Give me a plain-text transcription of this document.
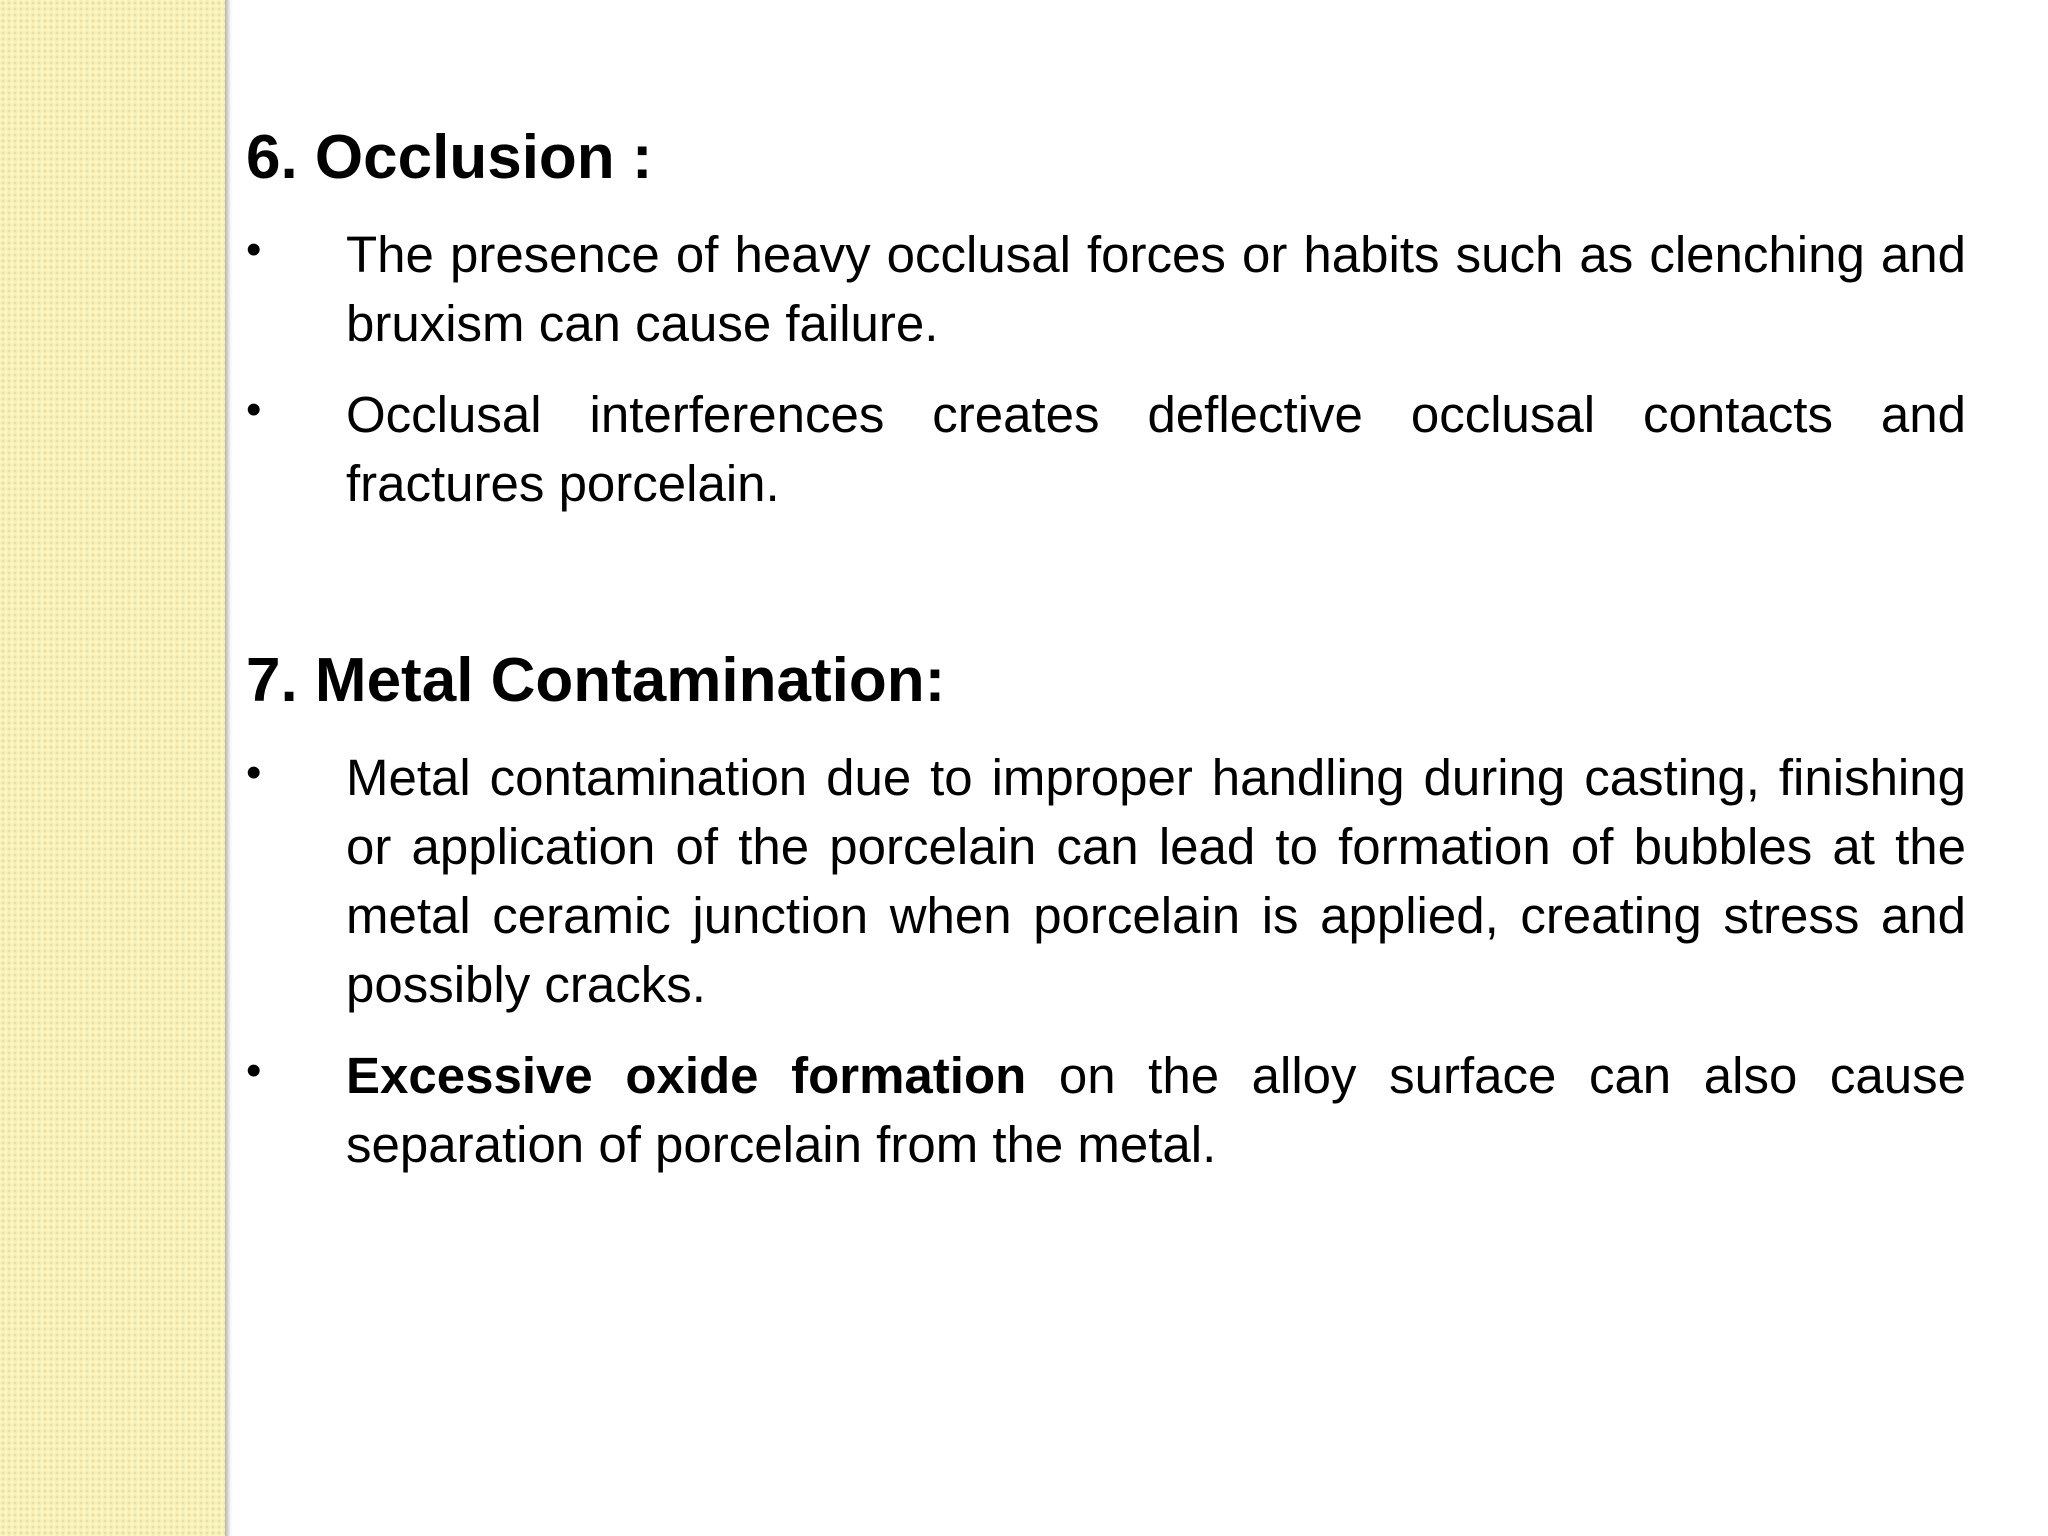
6. Occlusion :
• The presence of heavy occlusal forces or habits such as clenching and bruxism can cause failure.
• Occlusal interferences creates deflective occlusal contacts and fractures porcelain.
7. Metal Contamination:
• Metal contamination due to improper handling during casting, finishing or application of the porcelain can lead to formation of bubbles at the metal ceramic junction when porcelain is applied, creating stress and possibly cracks.
• Excessive oxide formation on the alloy surface can also cause separation of porcelain from the metal.
